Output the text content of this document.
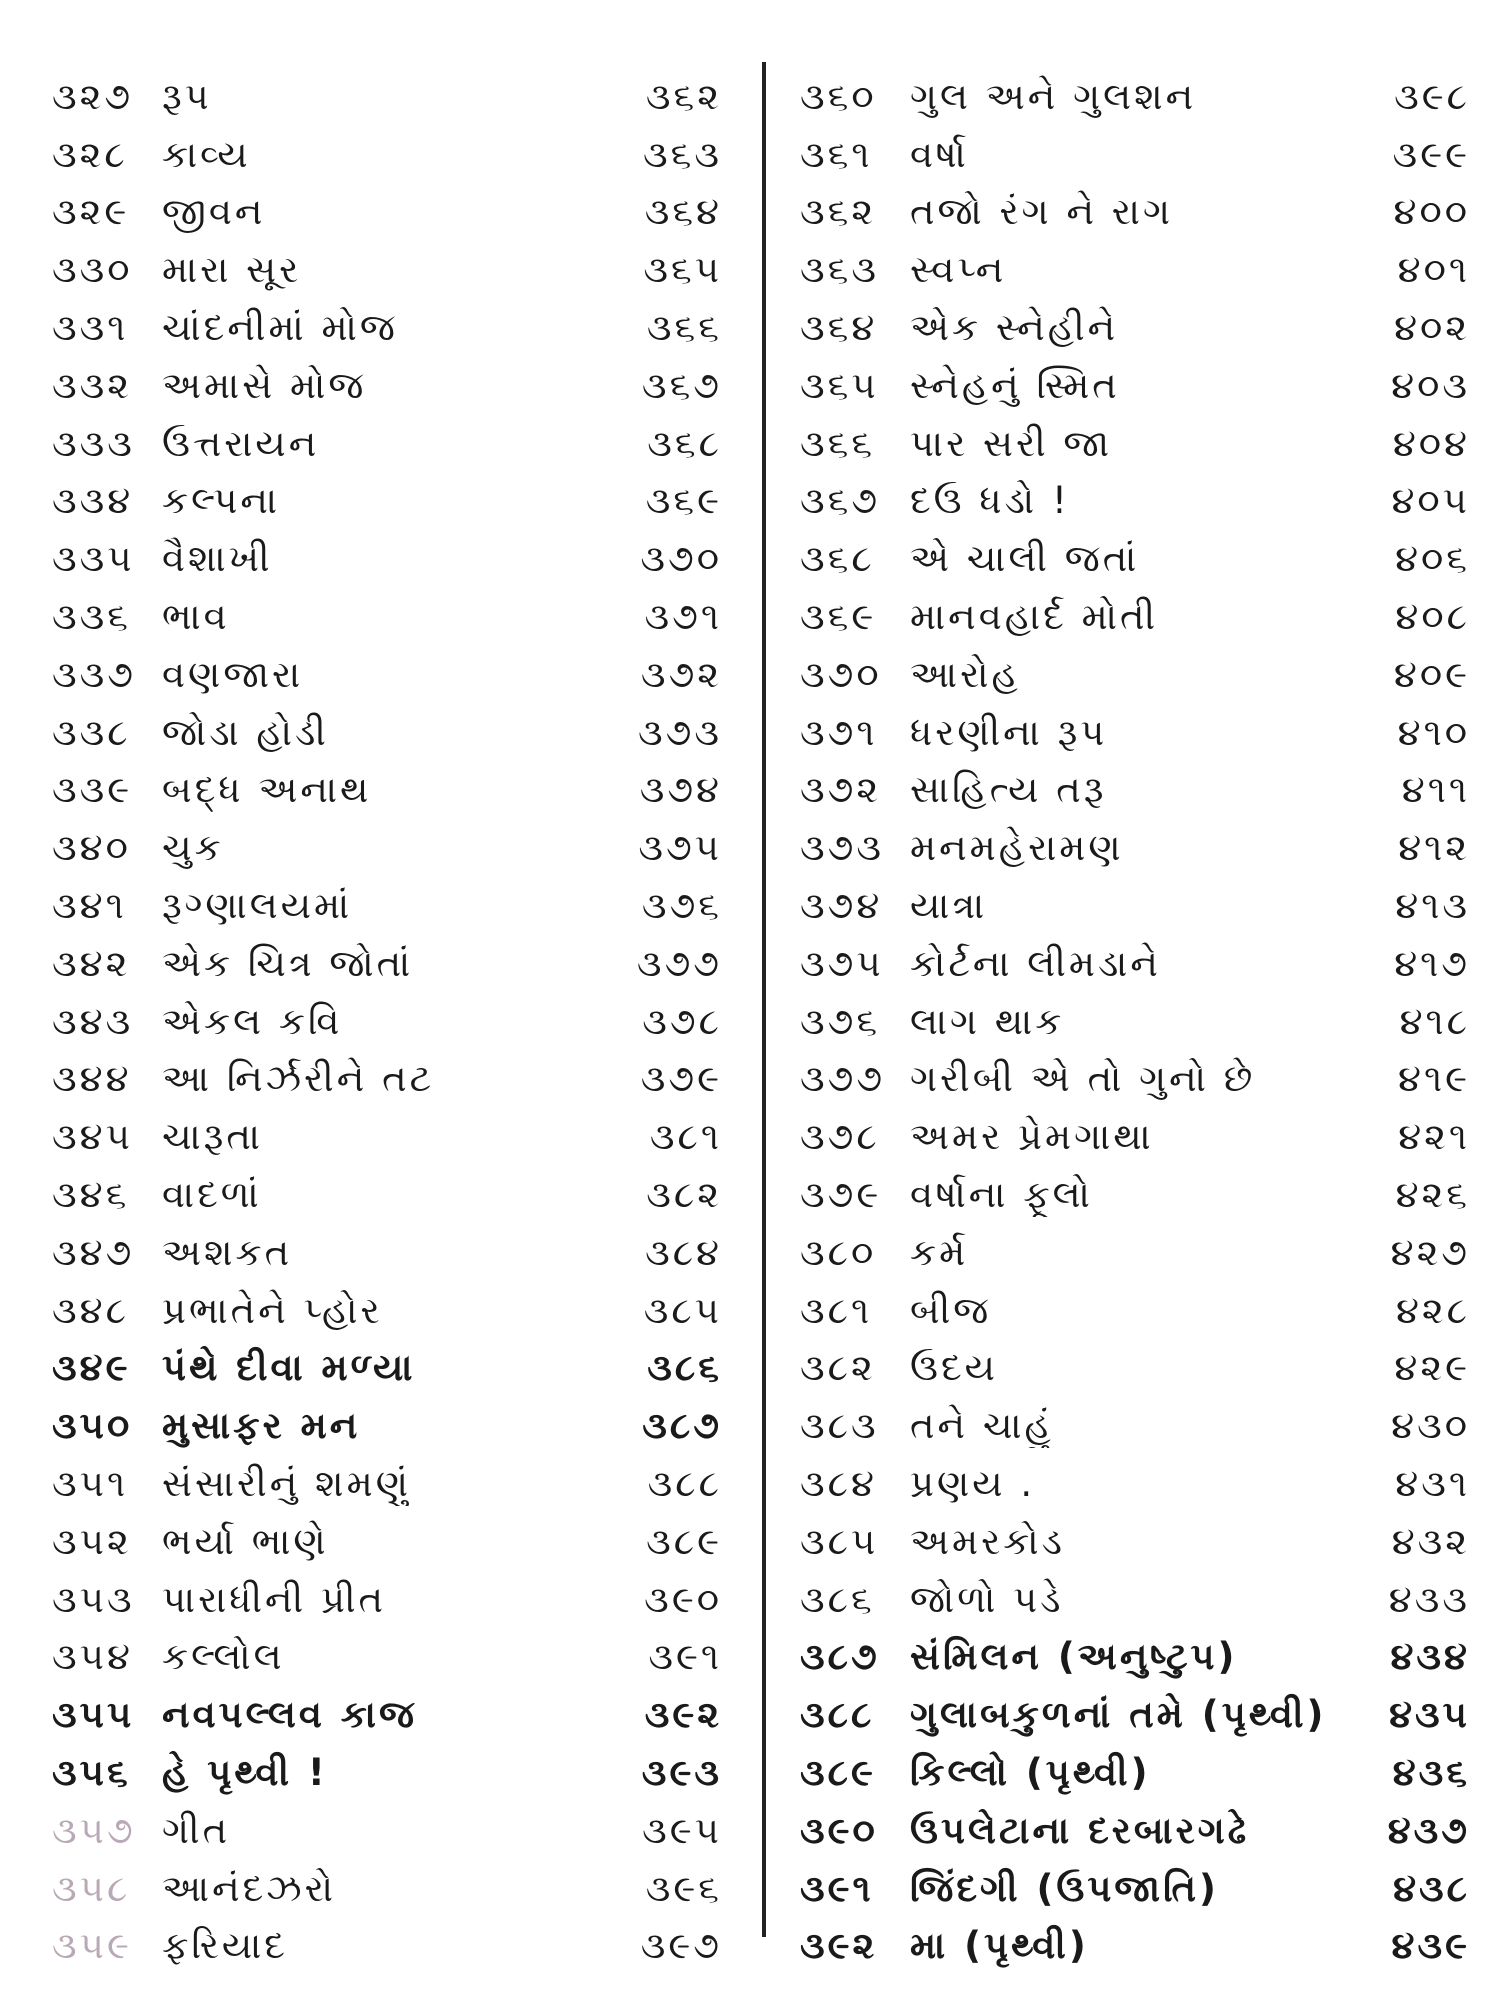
૩૨૭ રૂપ	૩૬૨
૩૨૮ કાવ્ય	૩૬૩
૩૨૯ જીવન	૩૬૪
૩૩૦ મારા સૂર	૩૬૫
૩૩૧ ચાંદનીમાં મોજ	૩૬૬
૩૩૨ અમાસે મોજ	૩૬૭
૩૩૩ ઉત્તરાયન	૩૬૮
૩૩૪ કલ્પના	૩૬૯
૩૩૫ વૈશાખી	૩૭૦
૩૩૬ ભાવ	૩૭૧
૩૩૭ વણજારા	૩૭૨
૩૩૮ જોડા હોડી	૩૭૩
૩૩૯ બદ્ધ અનાથ	૩૭૪
૩૪૦ ચુક	૩૭૫
૩૪૧ રૂગ્ણાલયમાં	૩૭૬
૩૪૨ એક ચિત્ર જોતાં	૩૭૭
૩૪૩ એકલ કવિ	૩૭૮
૩૪૪ આ નિર્ઝરીને તટ	૩૭૯
૩૪૫ ચારૂતા	૩૮૧
૩૪૬ વાદળાં	૩૮૨
૩૪૭ અશકત	૩૮૪
૩૪૮ પ્રભાતેને પ્હોર	૩૮૫
૩૪૯ પંથે દીવા મળ્યા	૩૮૬
૩૫૦ મુસાફર મન	૩૮૭
૩૫૧ સંસારીનું શમણું	૩૮૮
૩૫૨ ભર્યા ભાણે	૩૮૯
૩૫૩ પારાધીની પ્રીત	૩૯૦
૩૫૪ કલ્લોલ	૩૯૧
૩૫૫ નવપલ્લવ કાજ	૩૯૨
૩૫૬ હે પૃથ્વી !	૩૯૩
૩૫૭ ગીત	૩૯૫
૩૫૮ આનંદઝરો	૩૯૬
૩૫૯ ફરિયાદ	૩૯૭
૩૬૦ ગુલ અને ગુલશન	૩૯૮
૩૬૧	વર્ષા	૩૯૯
૩૬૨ તજો રંગ ને રાગ	૪૦૦
૩૬૩ સ્વપ્ન	૪૦૧
૩૬૪ એક સ્નેહીને	૪૦૨
૩૬૫ સ્નેહનું સ્મિત	૪૦૩
૩૬૬ પાર સરી જા	૪૦૪
૩૬૭ દઉં ધડો !	૪૦૫
૩૬૮ એ ચાલી જતાં	૪૦૬
૩૬૯ માનવહાર્દ મોતી	૪૦૮
૩૭૦ આરોહ	૪૦૯
૩૭૧ ધરણીના રૂપ	૪૧૦
૩૭૨ સાહિત્ય તરૂ	૪૧૧
૩૭૩ મનમહેરામણ	૪૧૨
૩૭૪ યાત્રા	૪૧૩
૩૭૫ કોર્ટના લીમડાને	૪૧૭
૩૭૬ લાગ થાક	૪૧૮
૩૭૭ ગરીબી એ તો ગુનો છે	૪૧૯
૩૭૮ અમર પ્રેમગાથા	૪૨૧
૩૭૯ વર્ષાના ફૂલો	૪૨૬
૩૮૦ કર્મ	૪૨૭
૩૮૧	બીજ	૪૨૮
૩૮૨ ઉદય	૪૨૯
૩૮૩ તને ચાહું	૪૩૦
૩૮૪ પ્રણય .	૪૩૧
૩૮૫ અમરકોડ	૪૩૨
૩૮૬ જોળો પડે	૪૩૩
૩૮૭ સંમિલન (અનુષ્ટુપ)	૪૩૪
૩૮૮ ગુલાબકુળનાં તમે (પૃથ્વી)	૪૩૫
૩૮૯ કિલ્લો (પૃથ્વી)	૪૩૬
૩૯૦ ઉપલેટાના દરબારગઢે	૪૩૭
૩૯૧ જિંદગી (ઉપજાતિ)	૪૩૮
૩૯૨ મા (પૃથ્વી)	૪૩૯
